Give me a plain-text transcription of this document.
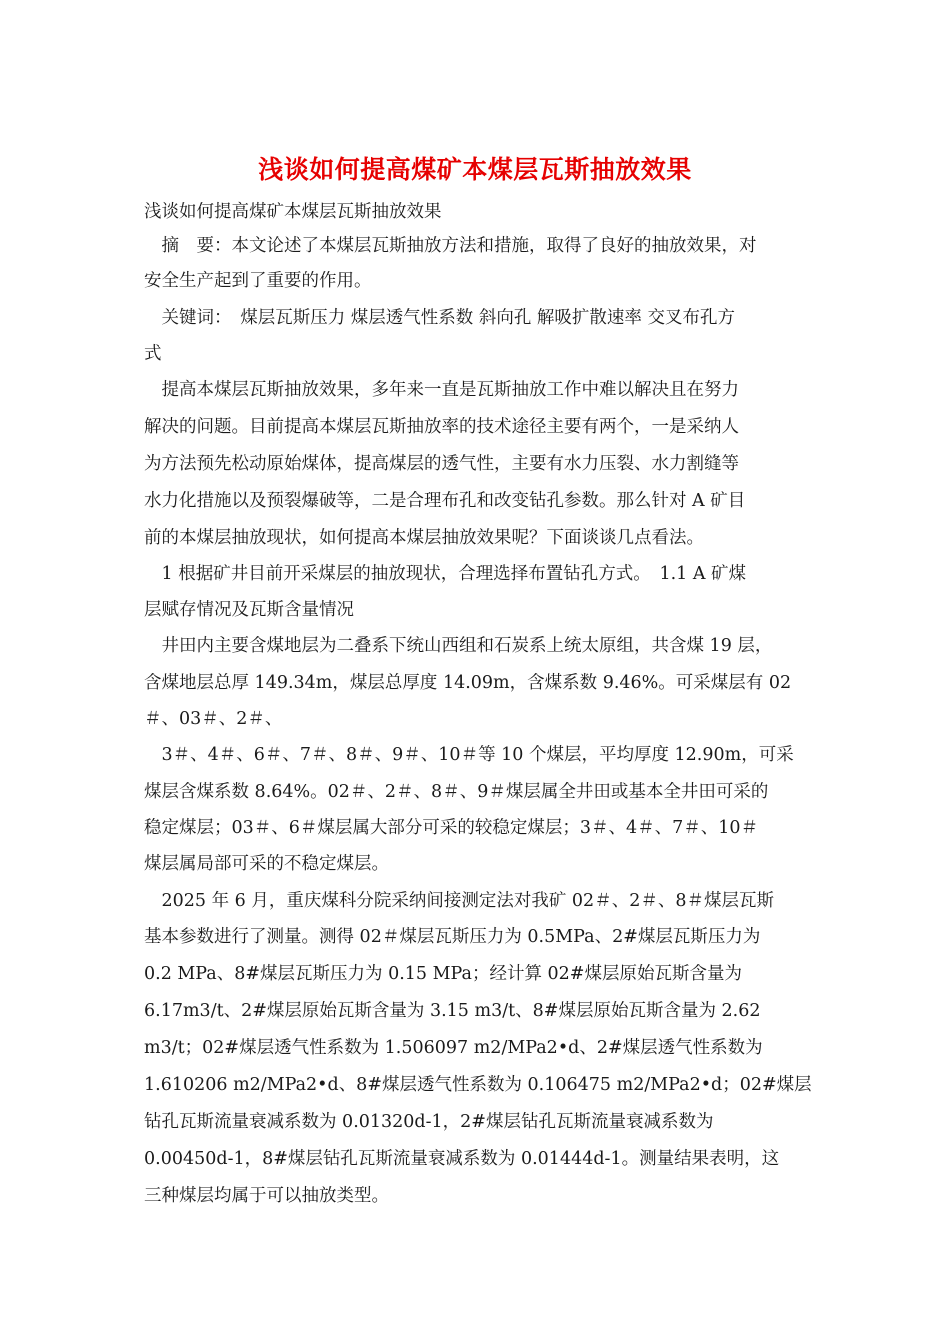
浅谈如何提高煤矿本煤层瓦斯抽放效果
浅谈如何提高煤矿本煤层瓦斯抽放效果
　摘　要：本文论述了本煤层瓦斯抽放方法和措施，取得了良好的抽放效果，对
安全生产起到了重要的作用。
　关键词：　煤层瓦斯压力 煤层透气性系数 斜向孔 解吸扩散速率 交叉布孔方
式
　提高本煤层瓦斯抽放效果，多年来一直是瓦斯抽放工作中难以解决且在努力
解决的问题。目前提高本煤层瓦斯抽放率的技术途径主要有两个，一是采纳人
为方法预先松动原始煤体，提高煤层的透气性，主要有水力压裂、水力割缝等
水力化措施以及预裂爆破等，二是合理布孔和改变钻孔参数。那么针对 A 矿目
前的本煤层抽放现状，如何提高本煤层抽放效果呢？下面谈谈几点看法。
　1 根据矿井目前开采煤层的抽放现状，合理选择布置钻孔方式。　1.1 A 矿煤
层赋存情况及瓦斯含量情况
　井田内主要含煤地层为二叠系下统山西组和石炭系上统太原组，共含煤 19 层，
含煤地层总厚 149.34m，煤层总厚度 14.09m，含煤系数 9.46%。可采煤层有 02
＃、03＃、2＃、
　3＃、4＃、6＃、7＃、8＃、9＃、10＃等 10 个煤层，平均厚度 12.90m，可采
煤层含煤系数 8.64%。02＃、2＃、8＃、9＃煤层属全井田或基本全井田可采的
稳定煤层；03＃、6＃煤层属大部分可采的较稳定煤层；3＃、4＃、7＃、10＃
煤层属局部可采的不稳定煤层。
　2025 年 6 月，重庆煤科分院采纳间接测定法对我矿 02＃、2＃、8＃煤层瓦斯
基本参数进行了测量。测得 02＃煤层瓦斯压力为 0.5MPa、2#煤层瓦斯压力为
0.2 MPa、8#煤层瓦斯压力为 0.15 MPa；经计算 02#煤层原始瓦斯含量为
6.17m3/t、2#煤层原始瓦斯含量为 3.15 m3/t、8#煤层原始瓦斯含量为 2.62
m3/t；02#煤层透气性系数为 1.506097 m2/MPa2•d、2#煤层透气性系数为
1.610206 m2/MPa2•d、8#煤层透气性系数为 0.106475 m2/MPa2•d；02#煤层
钻孔瓦斯流量衰减系数为 0.01320d-1，2#煤层钻孔瓦斯流量衰减系数为
0.00450d-1，8#煤层钻孔瓦斯流量衰减系数为 0.01444d-1。测量结果表明，这
三种煤层均属于可以抽放类型。
